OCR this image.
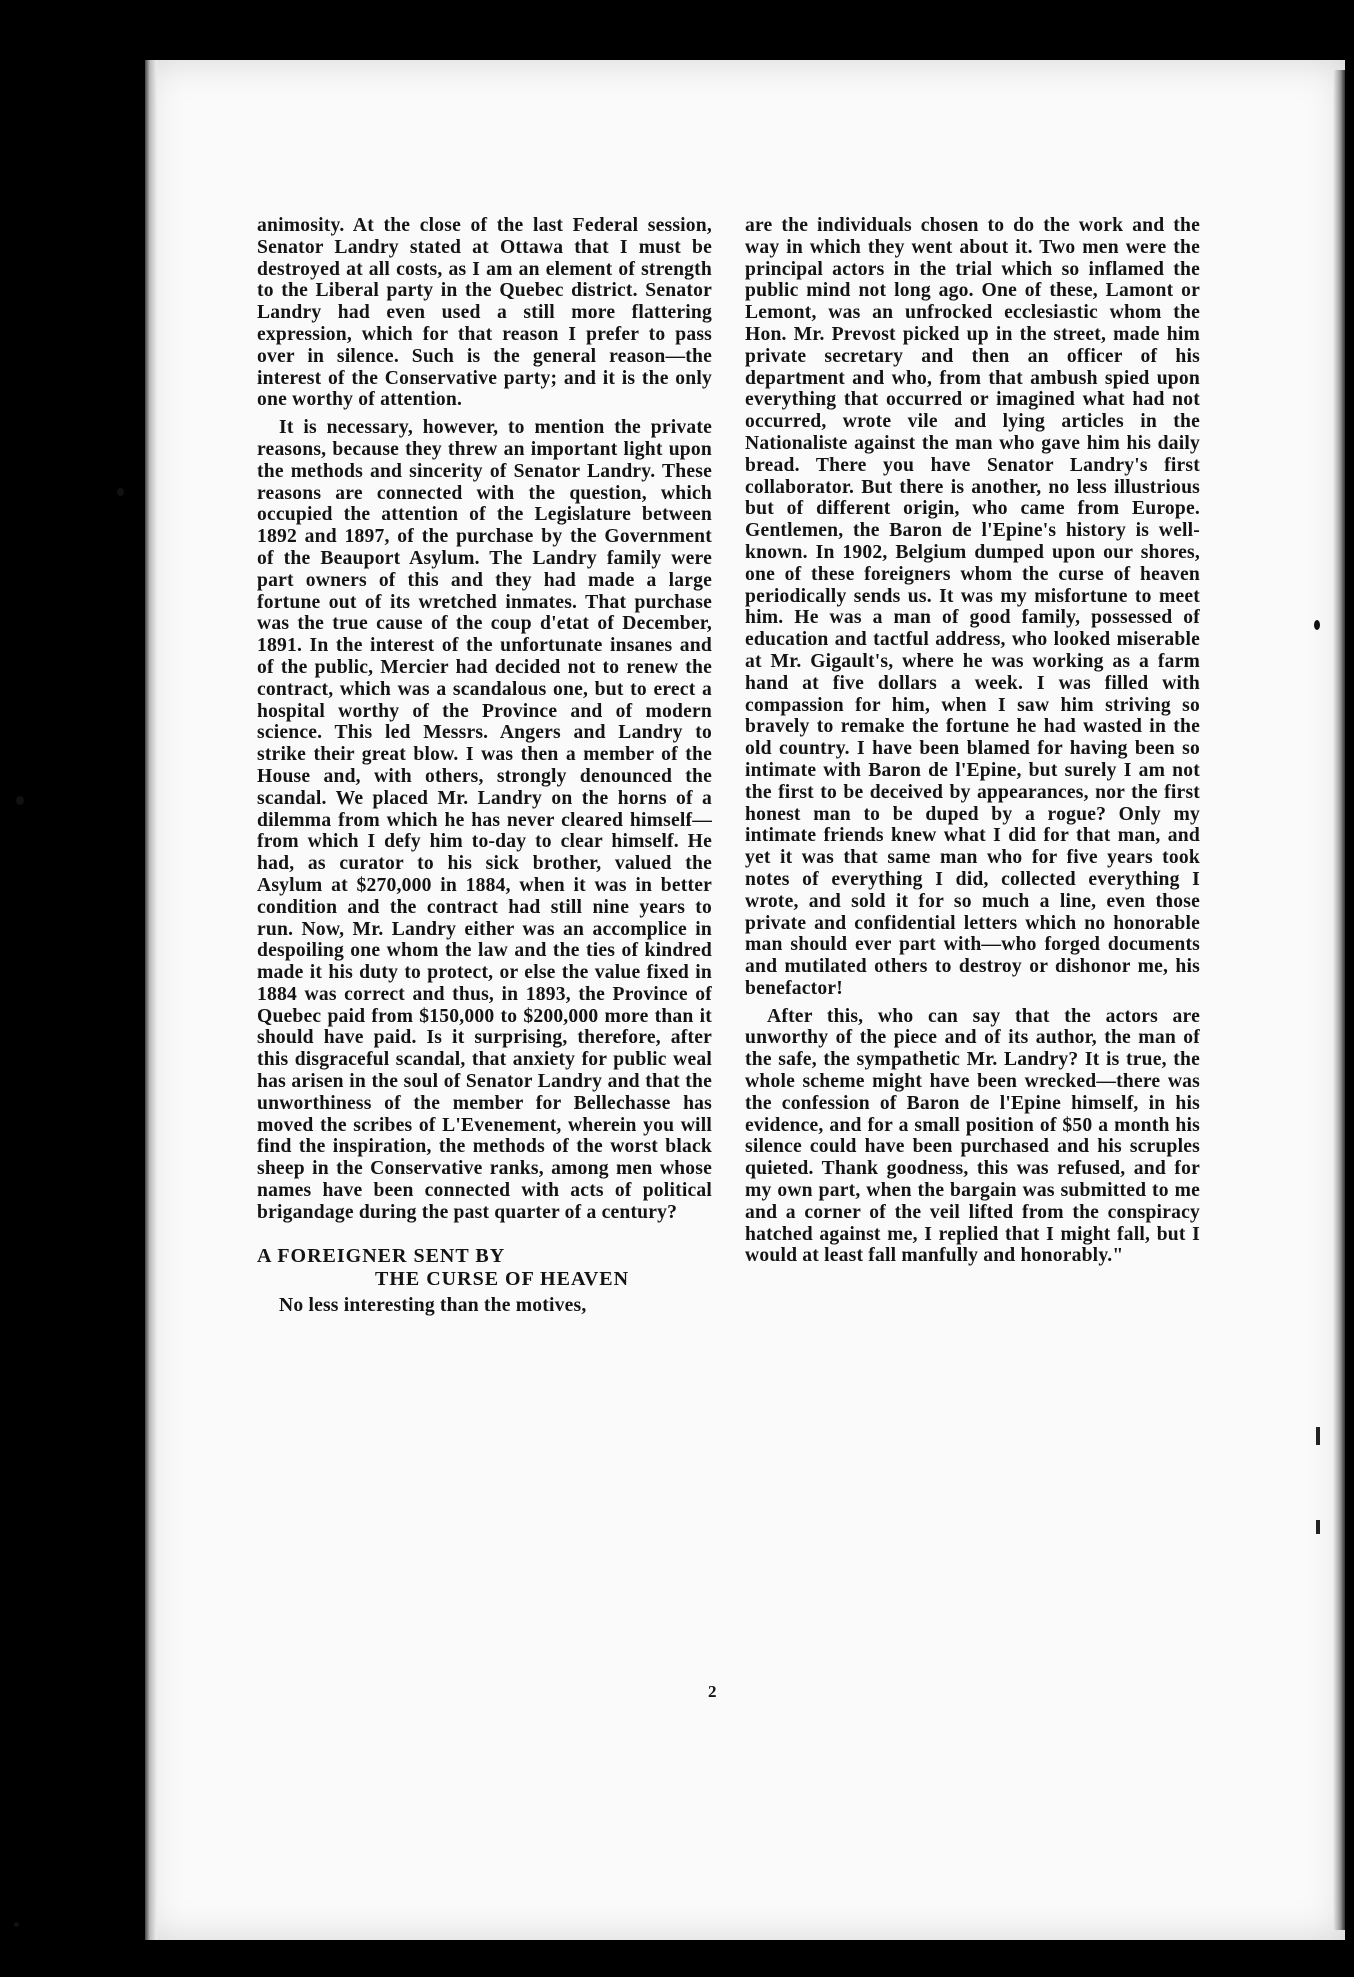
animosity. At the close of the last Federal session, Senator Landry stated at Ottawa that I must be destroyed at all costs, as I am an element of strength to the Liberal party in the Quebec district. Senator Landry had even used a still more flattering expression, which for that reason I prefer to pass over in silence. Such is the general reason—the interest of the Conservative party; and it is the only one worthy of attention.

It is necessary, however, to mention the private reasons, because they threw an important light upon the methods and sincerity of Senator Landry. These reasons are connected with the question, which occupied the attention of the Legislature between 1892 and 1897, of the purchase by the Government of the Beauport Asylum. The Landry family were part owners of this and they had made a large fortune out of its wretched inmates. That purchase was the true cause of the coup d'etat of December, 1891. In the interest of the unfortunate insanes and of the public, Mercier had decided not to renew the contract, which was a scandalous one, but to erect a hospital worthy of the Province and of modern science. This led Messrs. Angers and Landry to strike their great blow. I was then a member of the House and, with others, strongly denounced the scandal. We placed Mr. Landry on the horns of a dilemma from which he has never cleared himself—from which I defy him to-day to clear himself. He had, as curator to his sick brother, valued the Asylum at $270,000 in 1884, when it was in better condition and the contract had still nine years to run. Now, Mr. Landry either was an accomplice in despoiling one whom the law and the ties of kindred made it his duty to protect, or else the value fixed in 1884 was correct and thus, in 1893, the Province of Quebec paid from $150,000 to $200,000 more than it should have paid. Is it surprising, therefore, after this disgraceful scandal, that anxiety for public weal has arisen in the soul of Senator Landry and that the unworthiness of the member for Bellechasse has moved the scribes of L'Evenement, wherein you will find the inspiration, the methods of the worst black sheep in the Conservative ranks, among men whose names have been connected with acts of political brigandage during the past quarter of a century?

A FOREIGNER SENT BY
THE CURSE OF HEAVEN

No less interesting than the motives,

are the individuals chosen to do the work and the way in which they went about it. Two men were the principal actors in the trial which so inflamed the public mind not long ago. One of these, Lamont or Lemont, was an unfrocked ecclesiastic whom the Hon. Mr. Prevost picked up in the street, made him private secretary and then an officer of his department and who, from that ambush spied upon everything that occurred or imagined what had not occurred, wrote vile and lying articles in the Nationaliste against the man who gave him his daily bread. There you have Senator Landry's first collaborator. But there is another, no less illustrious but of different origin, who came from Europe. Gentlemen, the Baron de l'Epine's history is well-known. In 1902, Belgium dumped upon our shores, one of these foreigners whom the curse of heaven periodically sends us. It was my misfortune to meet him. He was a man of good family, possessed of education and tactful address, who looked miserable at Mr. Gigault's, where he was working as a farm hand at five dollars a week. I was filled with compassion for him, when I saw him striving so bravely to remake the fortune he had wasted in the old country. I have been blamed for having been so intimate with Baron de l'Epine, but surely I am not the first to be deceived by appearances, nor the first honest man to be duped by a rogue? Only my intimate friends knew what I did for that man, and yet it was that same man who for five years took notes of everything I did, collected everything I wrote, and sold it for so much a line, even those private and confidential letters which no honorable man should ever part with—who forged documents and mutilated others to destroy or dishonor me, his benefactor!

After this, who can say that the actors are unworthy of the piece and of its author, the man of the safe, the sympathetic Mr. Landry? It is true, the whole scheme might have been wrecked—there was the confession of Baron de l'Epine himself, in his evidence, and for a small position of $50 a month his silence could have been purchased and his scruples quieted. Thank goodness, this was refused, and for my own part, when the bargain was submitted to me and a corner of the veil lifted from the conspiracy hatched against me, I replied that I might fall, but I would at least fall manfully and honorably."

2
